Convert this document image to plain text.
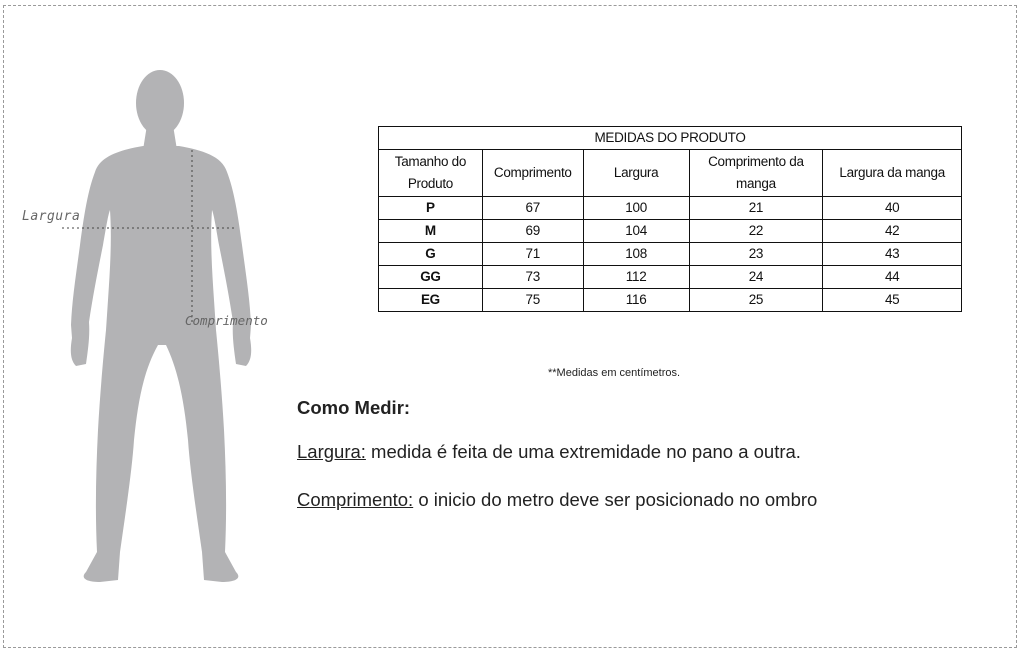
Largura
Comprimento
MEDIDAS DO PRODUTO				
Tamanho do Produto	Comprimento	Largura	Comprimento da manga	Largura da manga
P	67	100	21	40
M	69	104	22	42
G	71	108	23	43
GG	73	112	24	44
EG	75	116	25	45
**Medidas em centímetros.
Como Medir:
Largura: medida é feita de uma extremidade no pano a outra.
Comprimento: o inicio do metro deve ser posicionado no ombro
